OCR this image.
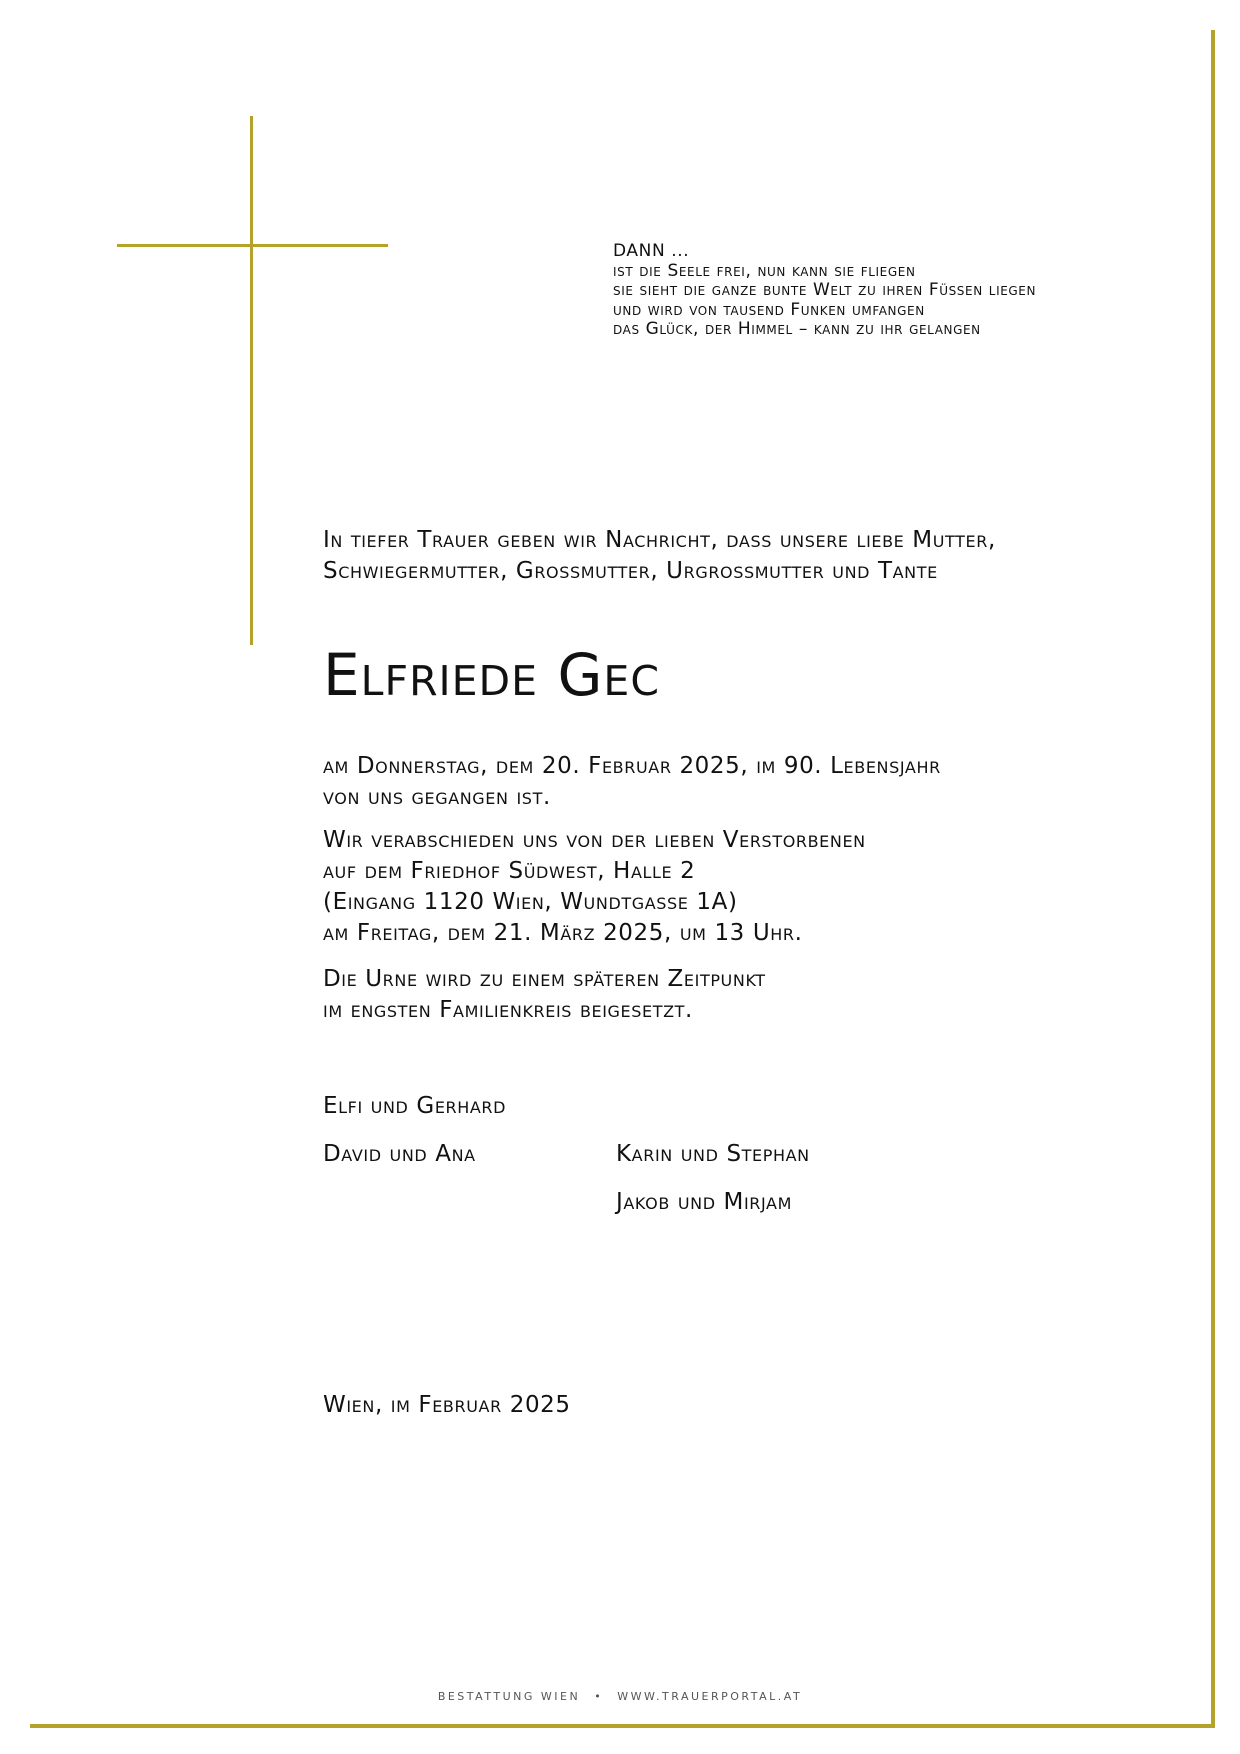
DANN ...
ist die Seele frei, nun kann sie fliegen
sie sieht die ganze bunte Welt zu ihren Füssen liegen
und wird von tausend Funken umfangen
das Glück, der Himmel – kann zu ihr gelangen
In tiefer Trauer geben wir Nachricht, dass unsere liebe Mutter,
Schwiegermutter, Grossmutter, Urgrossmutter und Tante
Elfriede Gec
am Donnerstag, dem 20. Februar 2025, im 90. Lebensjahr
von uns gegangen ist.
Wir verabschieden uns von der lieben Verstorbenen
auf dem Friedhof Südwest, Halle 2
(Eingang 1120 Wien, Wundtgasse 1A)
am Freitag, dem 21. März 2025, um 13 Uhr.
Die Urne wird zu einem späteren Zeitpunkt
im engsten Familienkreis beigesetzt.
Elfi und Gerhard
David und Ana	Karin und Stephan
Jakob und Mirjam
Wien, im Februar 2025
BESTATTUNG WIEN • WWW.TRAUERPORTAL.AT
